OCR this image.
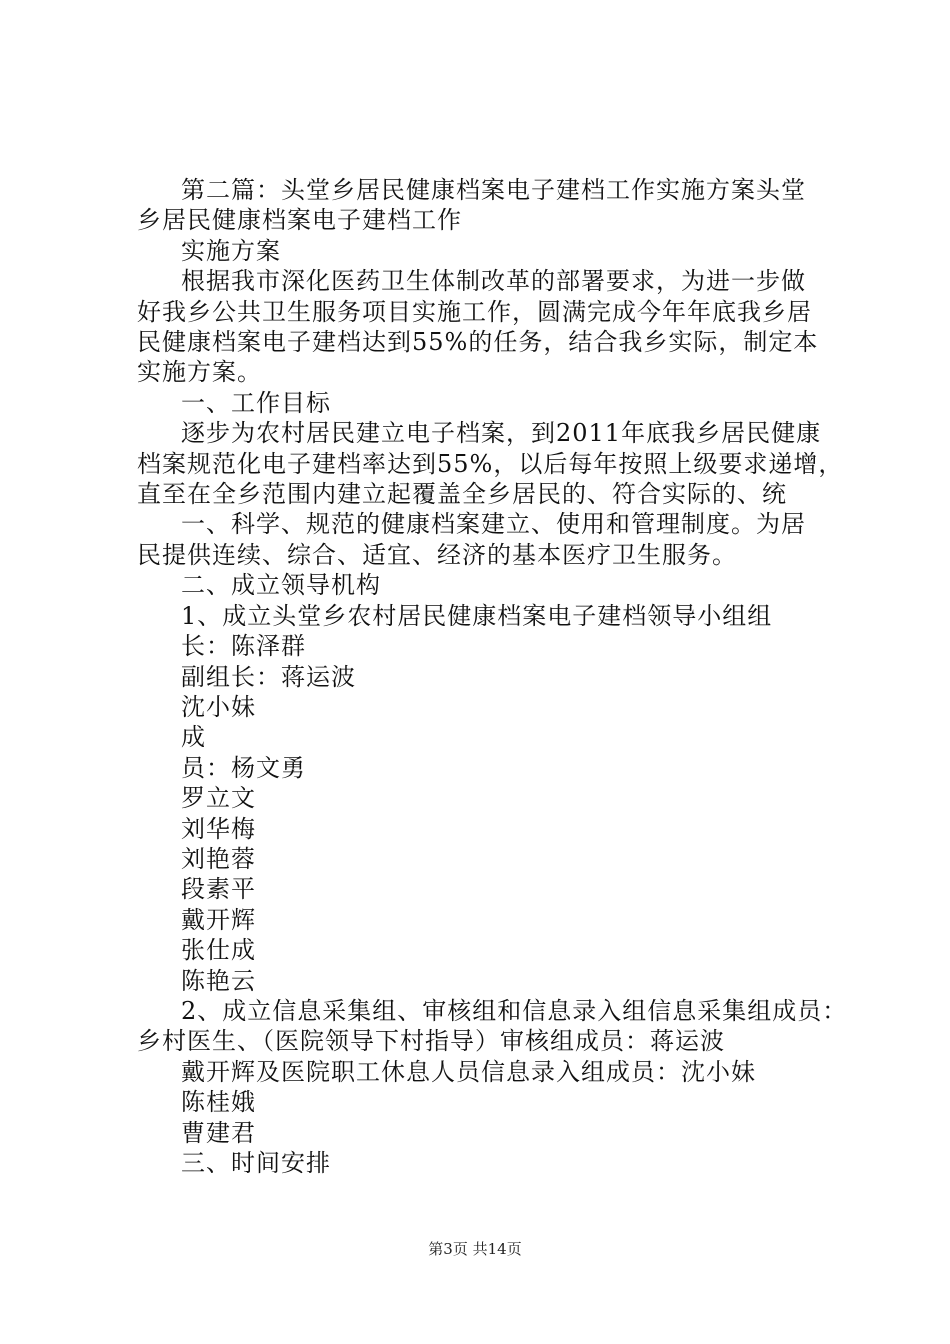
第二篇：头堂乡居民健康档案电子建档工作实施方案头堂
乡居民健康档案电子建档工作
实施方案
根据我市深化医药卫生体制改革的部署要求，为进一步做
好我乡公共卫生服务项目实施工作，圆满完成今年年底我乡居
民健康档案电子建档达到55%的任务，结合我乡实际，制定本
实施方案。
一、工作目标
逐步为农村居民建立电子档案，到2011年底我乡居民健康
档案规范化电子建档率达到55%，以后每年按照上级要求递增，
直至在全乡范围内建立起覆盖全乡居民的、符合实际的、统
一、科学、规范的健康档案建立、使用和管理制度。为居
民提供连续、综合、适宜、经济的基本医疗卫生服务。
二、成立领导机构
1、成立头堂乡农村居民健康档案电子建档领导小组组
长：陈泽群
副组长：蒋运波
沈小妹
成
员：杨文勇
罗立文
刘华梅
刘艳蓉
段素平
戴开辉
张仕成
陈艳云
2、成立信息采集组、审核组和信息录入组信息采集组成员：
乡村医生、（医院领导下村指导）审核组成员：蒋运波
戴开辉及医院职工休息人员信息录入组成员：沈小妹
陈桂娥
曹建君
三、时间安排
第3页 共14页
